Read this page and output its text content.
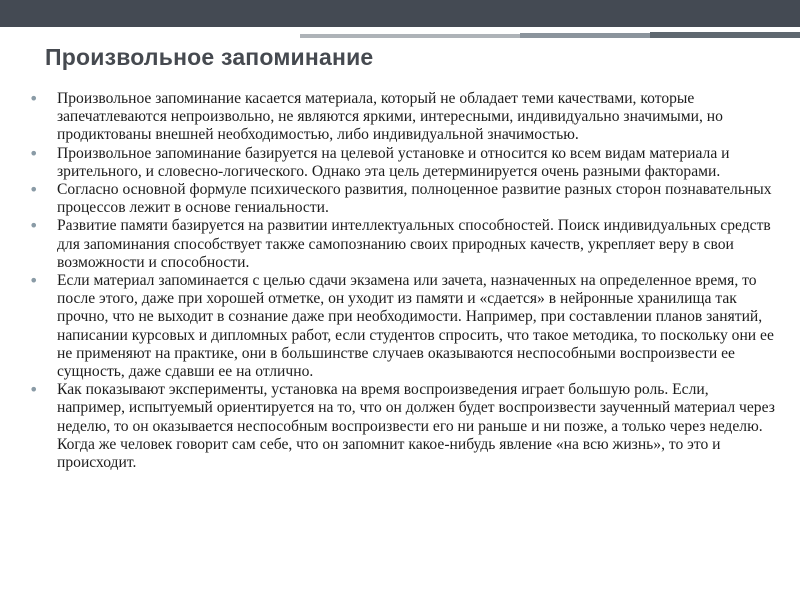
Произвольное запоминание
• Произвольное запоминание касается материала, который не обладает теми качествами, которые запечатлеваются непроизвольно, не являются яркими, интересными, индивидуально значимыми, но продиктованы внешней необходимостью, либо индивидуальной значимостью.
• Произвольное запоминание базируется на целевой установке и относится ко всем видам материала и зрительного, и словесно-логического. Однако эта цель детерминируется очень разными факторами.
• Согласно основной формуле психического развития, полноценное развитие разных сторон познавательных процессов лежит в основе гениальности.
• Развитие памяти базируется на развитии интеллектуальных способностей. Поиск индивидуальных средств для запоминания способствует также самопознанию своих природных качеств, укрепляет веру в свои возможности и способности.
• Если материал запоминается с целью сдачи экзамена или зачета, назначенных на определенное время, то после этого, даже при хорошей отметке, он уходит из памяти и «сдается» в нейронные хранилища так прочно, что не выходит в сознание даже при необходимости. Например, при составлении планов занятий, написании курсовых и дипломных работ, если студентов спросить, что такое методика, то поскольку они ее не применяют на практике, они в большинстве случаев оказываются неспособными воспроизвести ее сущность, даже сдавши ее на отлично.
• Как показывают эксперименты, установка на время воспроизведения играет большую роль. Если, например, испытуемый ориентируется на то, что он должен будет воспроизвести заученный материал через неделю, то он оказывается неспособным воспроизвести его ни раньше и ни позже, а только через неделю. Когда же человек говорит сам себе, что он запомнит какое-нибудь явление «на всю жизнь», то это и происходит.
